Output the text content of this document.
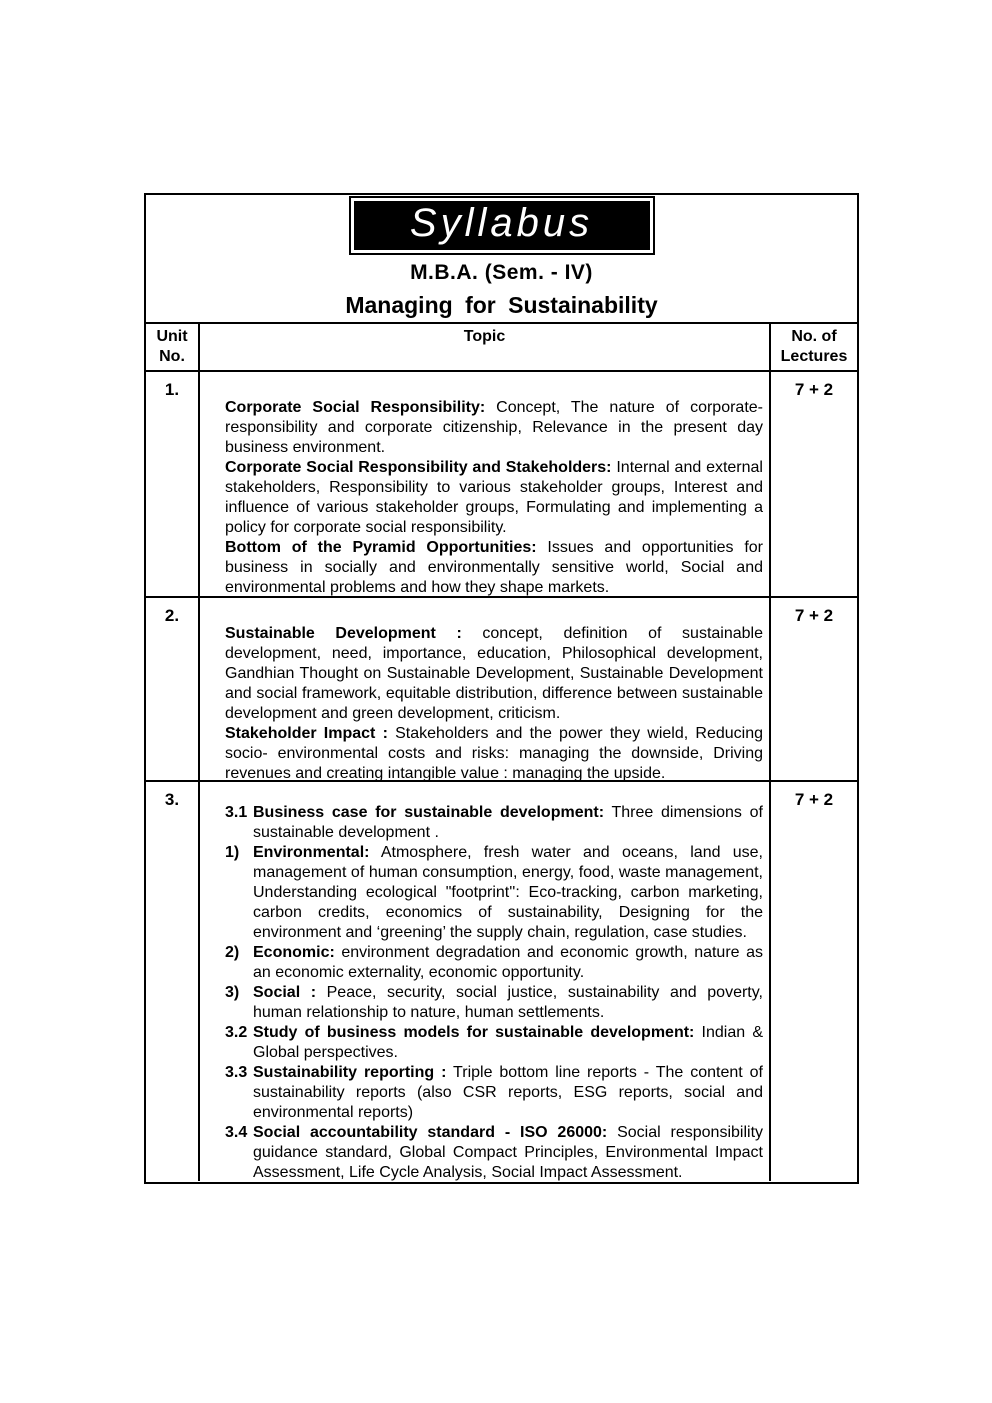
Syllabus
M.B.A. (Sem. - IV)
Managing for Sustainability
Unit No.
Topic	No. of Lectures
1.

Corporate Social Responsibility: Concept, The nature of corporate-responsibility and corporate citizenship, Relevance in the present day business environment.

Corporate Social Responsibility and Stakeholders: Internal and external stakeholders, Responsibility to various stakeholder groups, Interest and influence of various stakeholder groups, Formulating and implementing a policy for corporate social responsibility.

Bottom of the Pyramid Opportunities: Issues and opportunities for business in socially and environmentally sensitive world, Social and environmental problems and how they shape markets.

7 + 2
2.

Sustainable Development : concept, definition of sustainable development, need, importance, education, Philosophical development, Gandhian Thought on Sustainable Development, Sustainable Development and social framework, equitable distribution, difference between sustainable development and green development, criticism.

Stakeholder Impact : Stakeholders and the power they wield, Reducing socio- environmental costs and risks: managing the downside, Driving revenues and creating intangible value : managing the upside.

7 + 2
3.
3.1 Business case for sustainable development: Three dimensions of sustainable development .
1) Environmental: Atmosphere, fresh water and oceans, land use, management of human consumption, energy, food, waste management, Understanding ecological "footprint'': Eco-tracking, carbon marketing, carbon credits, economics of sustainability, Designing for the environment and ‘greening’ the supply chain, regulation, case studies.
2) Economic: environment degradation and economic growth, nature as an economic externality, economic opportunity.
3) Social : Peace, security, social justice, sustainability and poverty, human relationship to nature, human settlements.
3.2 Study of business models for sustainable development: Indian & Global perspectives.
3.3 Sustainability reporting : Triple bottom line reports - The content of sustainability reports (also CSR reports, ESG reports, social and environmental reports)
3.4 Social accountability standard - ISO 26000: Social responsibility guidance standard, Global Compact Principles, Environmental Impact Assessment, Life Cycle Analysis, Social Impact Assessment.
7 + 2
